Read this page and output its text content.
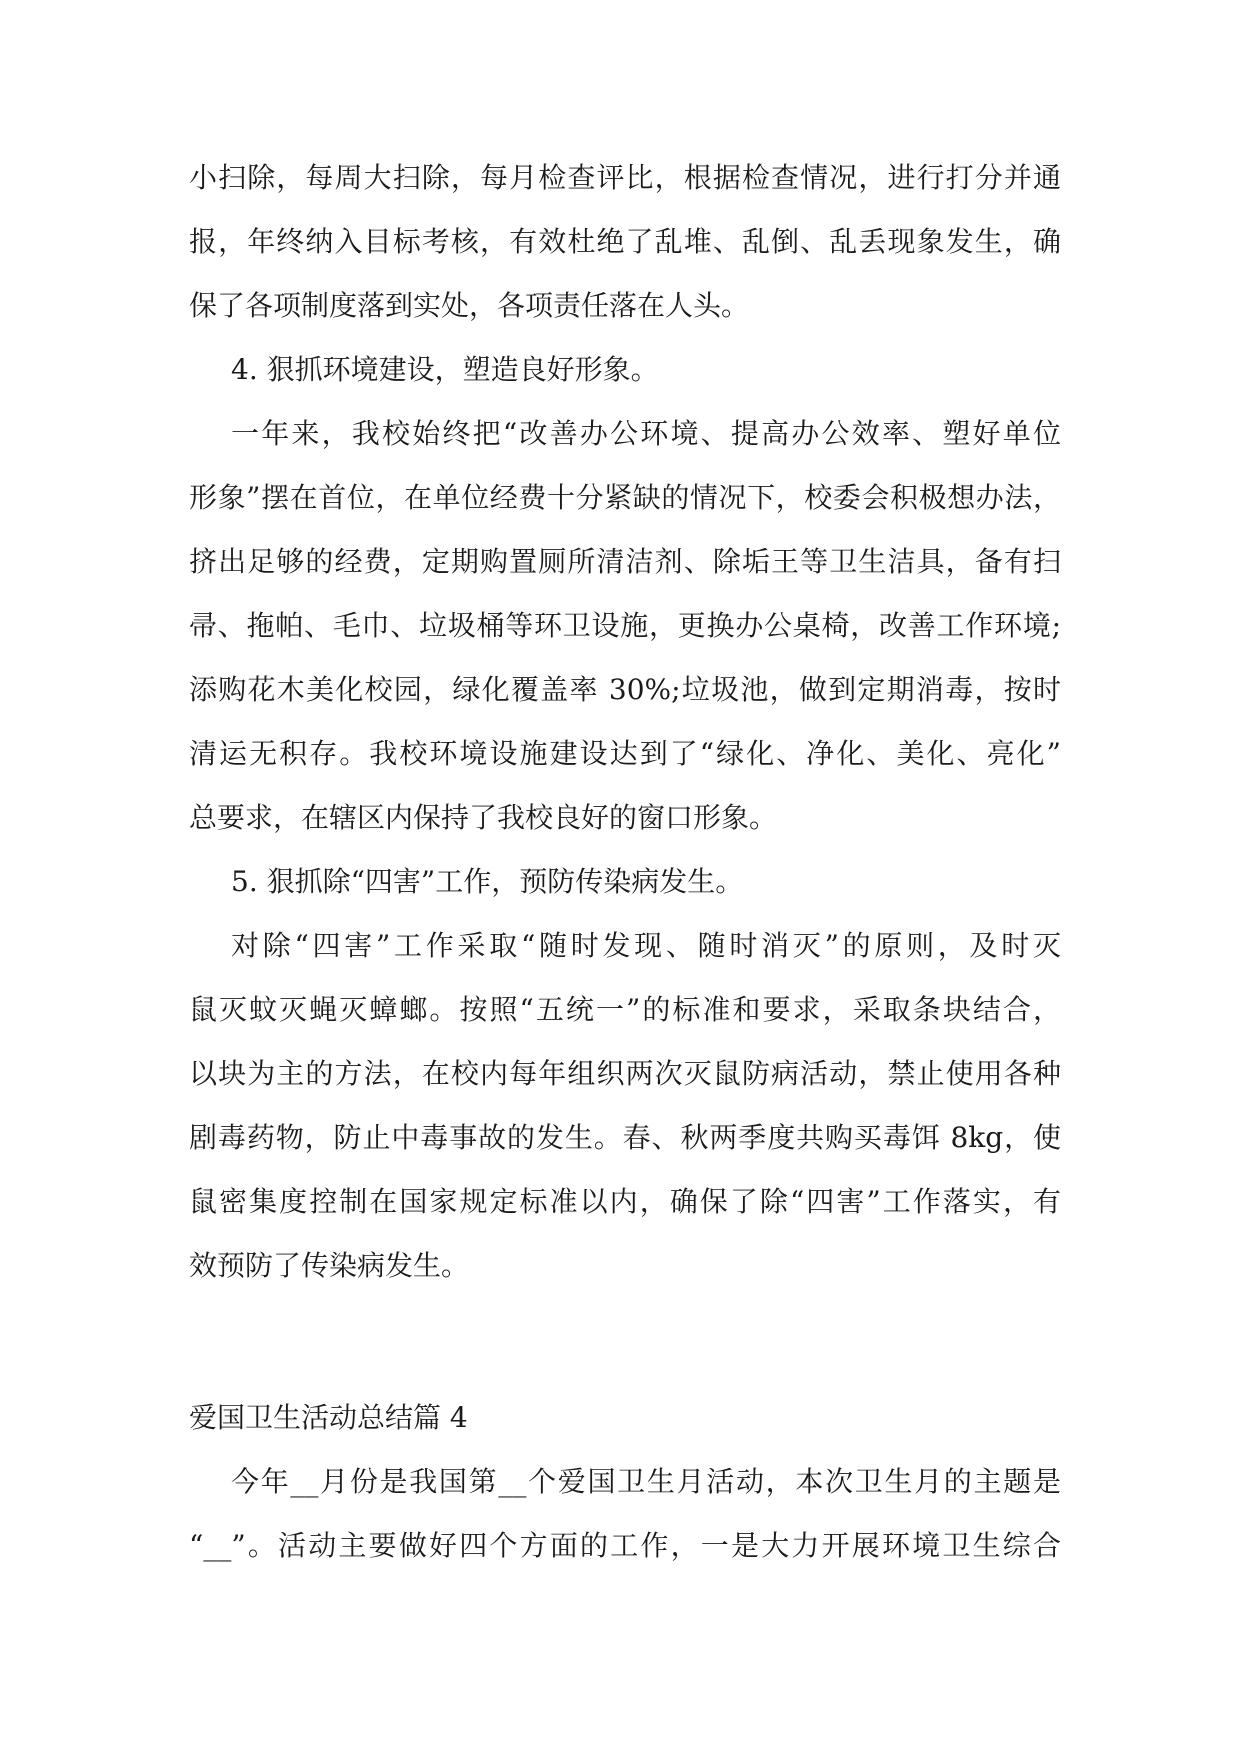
小扫除，每周大扫除，每月检查评比，根据检查情况，进行打分并通
报，年终纳入目标考核，有效杜绝了乱堆、乱倒、乱丢现象发生，确
保了各项制度落到实处，各项责任落在人头。
4. 狠抓环境建设，塑造良好形象。
一年来，我校始终把“改善办公环境、提高办公效率、塑好单位
形象”摆在首位，在单位经费十分紧缺的情况下，校委会积极想办法，
挤出足够的经费，定期购置厕所清洁剂、除垢王等卫生洁具，备有扫
帚、拖帕、毛巾、垃圾桶等环卫设施，更换办公桌椅，改善工作环境;
添购花木美化校园，绿化覆盖率 30%;垃圾池，做到定期消毒，按时
清运无积存。我校环境设施建设达到了“绿化、净化、美化、亮化”
总要求，在辖区内保持了我校良好的窗口形象。
5. 狠抓除“四害”工作，预防传染病发生。
对除“四害”工作采取“随时发现、随时消灭”的原则，及时灭
鼠灭蚊灭蝇灭蟑螂。按照“五统一”的标准和要求，采取条块结合，
以块为主的方法，在校内每年组织两次灭鼠防病活动，禁止使用各种
剧毒药物，防止中毒事故的发生。春、秋两季度共购买毒饵 8kg，使
鼠密集度控制在国家规定标准以内，确保了除“四害”工作落实，有
效预防了传染病发生。
爱国卫生活动总结篇 4
今年__月份是我国第__个爱国卫生月活动，本次卫生月的主题是
“__”。活动主要做好四个方面的工作，一是大力开展环境卫生综合
